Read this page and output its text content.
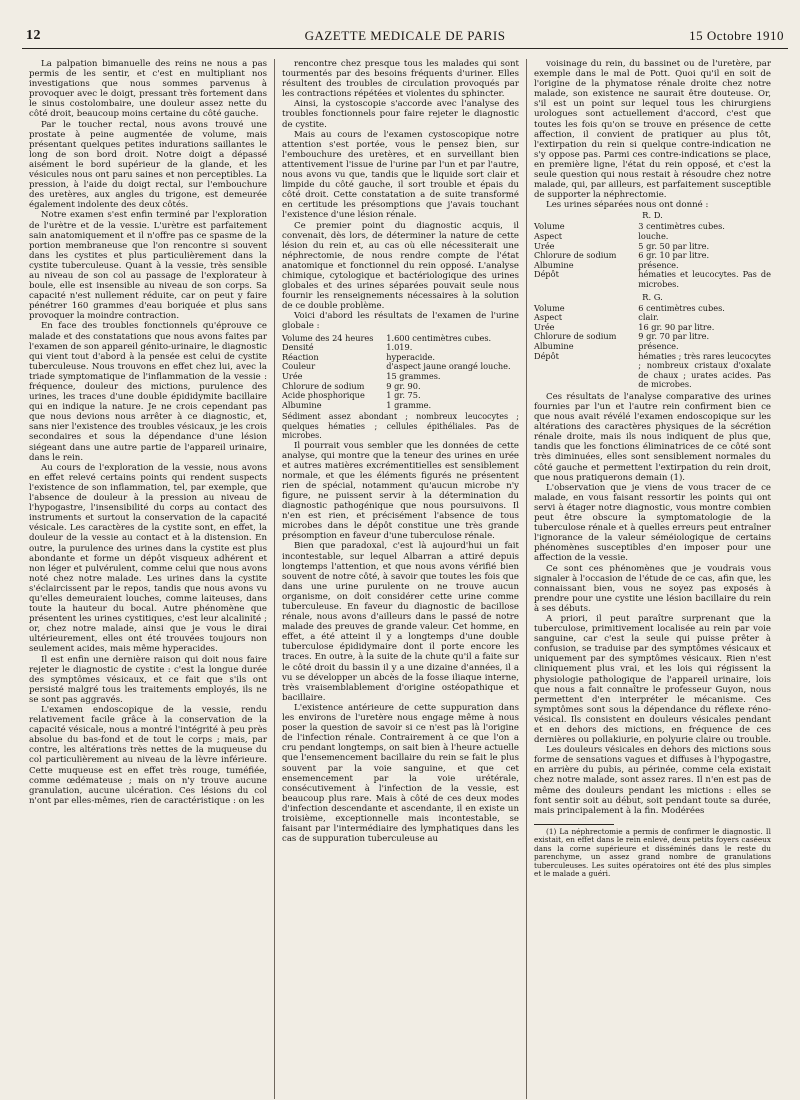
12	GAZETTE MEDICALE DE PARIS	15 Octobre 1910

La palpation bimanuelle des reins ne nous a pas permis de les sentir, et c'est en multipliant nos investigations que nous sommes parvenus à provoquer avec le doigt, pressant très fortement dans le sinus costolombaire, une douleur assez nette du côté droit, beaucoup moins certaine du côté gauche.

Par le toucher rectal, nous avons trouvé une prostate à peine augmentée de volume, mais présentant quelques petites indurations saillantes le long de son bord droit. Notre doigt a dépassé aisément le bord supérieur de la glande, et les vésicules nous ont paru saines et non perceptibles. La pression, à l'aide du doigt rectal, sur l'embouchure des uretères, aux angles du trigone, est demeurée également indolente des deux côtés.

Notre examen s'est enfin terminé par l'exploration de l'urètre et de la vessie. L'urètre est parfaitement sain anatomiquement et il n'offre pas ce spasme de la portion membraneuse que l'on rencontre si souvent dans les cystites et plus particulièrement dans la cystite tuberculeuse. Quant à la vessie, très sensible au niveau de son col au passage de l'explorateur à boule, elle est insensible au niveau de son corps. Sa capacité n'est nullement réduite, car on peut y faire pénétrer 160 grammes d'eau boriquée et plus sans provoquer la moindre contraction.

En face des troubles fonctionnels qu'éprouve ce malade et des constatations que nous avons faites par l'examen de son appareil génito-urinaire, le diagnostic qui vient tout d'abord à la pensée est celui de cystite tuberculeuse. Nous trouvons en effet chez lui, avec la triade symptomatique de l'inflammation de la vessie : fréquence, douleur des mictions, purulence des urines, les traces d'une double épididymite bacillaire qui en indique la nature. Je ne crois cependant pas que nous devions nous arrêter à ce diagnostic, et, sans nier l'existence des troubles vésicaux, je les crois secondaires et sous la dépendance d'une lésion siégeant dans une autre partie de l'appareil urinaire, dans le rein.

Au cours de l'exploration de la vessie, nous avons en effet relevé certains points qui rendent suspects l'existence de son inflammation, tel, par exemple, que l'absence de douleur à la pression au niveau de l'hypogastre, l'insensibilité du corps au contact des instruments et surtout la conservation de la capacité vésicale. Les caractères de la cystite sont, en effet, la douleur de la vessie au contact et à la distension. En outre, la purulence des urines dans la cystite est plus abondante et forme un dépôt visqueux adhérent et non léger et pulvérulent, comme celui que nous avons noté chez notre malade. Les urines dans la cystite s'éclaircissent par le repos, tandis que nous avons vu qu'elles demeuraient louches, comme laiteuses, dans toute la hauteur du bocal. Autre phénomène que présentent les urines cystitiques, c'est leur alcalinité ; or, chez notre malade, ainsi que je vous le dirai ultérieurement, elles ont été trouvées toujours non seulement acides, mais même hyperacides.

Il est enfin une dernière raison qui doit nous faire rejeter le diagnostic de cystite : c'est la longue durée des symptômes vésicaux, et ce fait que s'ils ont persisté malgré tous les traitements employés, ils ne se sont pas aggravés.

L'examen endoscopique de la vessie, rendu relativement facile grâce à la conservation de la capacité vésicale, nous a montré l'intégrité à peu près absolue du bas-fond et de tout le corps ; mais, par contre, les altérations très nettes de la muqueuse du col particulièrement au niveau de la lèvre inférieure. Cette muqueuse est en effet très rouge, tuméfiée, comme œdémateuse ; mais on n'y trouve aucune granulation, aucune ulcération. Ces lésions du col n'ont par elles-mêmes, rien de caractéristique : on les

rencontre chez presque tous les malades qui sont tourmentés par des besoins fréquents d'uriner. Elles résultent des troubles de circulation provoqués par les contractions répétées et violentes du sphincter.

Ainsi, la cystoscopie s'accorde avec l'analyse des troubles fonctionnels pour faire rejeter le diagnostic de cystite.

Mais au cours de l'examen cystoscopique notre attention s'est portée, vous le pensez bien, sur l'embouchure des uretères, et en surveillant bien attentivement l'issue de l'urine par l'un et par l'autre, nous avons vu que, tandis que le liquide sort clair et limpide du côté gauche, il sort trouble et épais du côté droit. Cette constatation a de suite transformé en certitude les présomptions que j'avais touchant l'existence d'une lésion rénale.

Ce premier point du diagnostic acquis, il convenait, dès lors, de déterminer la nature de cette lésion du rein et, au cas où elle nécessiterait une néphrectomie, de nous rendre compte de l'état anatomique et fonctionnel du rein opposé. L'analyse chimique, cytologique et bactériologique des urines globales et des urines séparées pouvait seule nous fournir les renseignements nécessaires à la solution de ce double problème.

Voici d'abord les résultats de l'examen de l'urine globale :

Volume des 24 heures	1.600 centimètres cubes.
Densité	1.019.
Réaction	hyperacide.
Couleur	d'aspect jaune orangé louche.
Urée	15 grammes.
Chlorure de sodium	9 gr. 90.
Acide phosphorique	1 gr. 75.
Albumine	1 gramme.

Sédiment assez abondant ; nombreux leucocytes ; quelques hématies ; cellules épithéliales. Pas de microbes.

Il pourrait vous sembler que les données de cette analyse, qui montre que la teneur des urines en urée et autres matières excrémentitielles est sensiblement normale, et que les éléments figurés ne présentent rien de spécial, notamment qu'aucun microbe n'y figure, ne puissent servir à la détermination du diagnostic pathogénique que nous poursuivons. Il n'en est rien, et précisément l'absence de tous microbes dans le dépôt constitue une très grande présomption en faveur d'une tuberculose rénale.

Bien que paradoxal, c'est là aujourd'hui un fait incontestable, sur lequel Albarran a attiré depuis longtemps l'attention, et que nous avons vérifié bien souvent de notre côté, à savoir que toutes les fois que dans une urine purulente on ne trouve aucun organisme, on doit considérer cette urine comme tuberculeuse. En faveur du diagnostic de bacillose rénale, nous avons d'ailleurs dans le passé de notre malade des preuves de grande valeur. Cet homme, en effet, a été atteint il y a longtemps d'une double tuberculose épididymaire dont il porte encore les traces. En outre, à la suite de la chute qu'il a faite sur le côté droit du bassin il y a une dizaine d'années, il a vu se développer un abcès de la fosse iliaque interne, très vraisemblablement d'origine ostéopathique et bacillaire.

L'existence antérieure de cette suppuration dans les environs de l'uretère nous engage même à nous poser la question de savoir si ce n'est pas là l'origine de l'infection rénale. Contrairement à ce que l'on a cru pendant longtemps, on sait bien à l'heure actuelle que l'ensemencement bacillaire du rein se fait le plus souvent par la voie sanguine, et que cet ensemencement par la voie urétérale, consécutivement à l'infection de la vessie, est beaucoup plus rare. Mais à côté de ces deux modes d'infection descendante et ascendante, il en existe un troisième, exceptionnelle mais incontestable, se faisant par l'intermédiaire des lymphatiques dans les cas de suppuration tuberculeuse au

voisinage du rein, du bassinet ou de l'uretère, par exemple dans le mal de Pott. Quoi qu'il en soit de l'origine de la phymatose rénale droite chez notre malade, son existence ne saurait être douteuse. Or, s'il est un point sur lequel tous les chirurgiens urologues sont actuellement d'accord, c'est que toutes les fois qu'on se trouve en présence de cette affection, il convient de pratiquer au plus tôt, l'extirpation du rein si quelque contre-indication ne s'y oppose pas. Parmi ces contre-indications se place, en première ligne, l'état du rein opposé, et c'est la seule question qui nous restait à résoudre chez notre malade, qui, par ailleurs, est parfaitement susceptible de supporter la néphrectomie.

Les urines séparées nous ont donné :

R. D.
Volume	3 centimètres cubes.
Aspect	louche.
Urée	5 gr. 50 par litre.
Chlorure de sodium	6 gr. 10 par litre.
Albumine	présence.
Dépôt	hématies et leucocytes. Pas de microbes.
R. G.
Volume	6 centimètres cubes.
Aspect	clair.
Urée	16 gr. 90 par litre.
Chlorure de sodium	9 gr. 70 par litre.
Albumine	présence.
Dépôt	hématies ; très rares leucocytes ; nombreux cristaux d'oxalate de chaux ; urates acides. Pas de microbes.

Ces résultats de l'analyse comparative des urines fournies par l'un et l'autre rein confirment bien ce que nous avait révélé l'examen endoscopique sur les altérations des caractères physiques de la sécrétion rénale droite, mais ils nous indiquent de plus que, tandis que les fonctions éliminatrices de ce côté sont très diminuées, elles sont sensiblement normales du côté gauche et permettent l'extirpation du rein droit, que nous pratiquerons demain (1).

L'observation que je viens de vous tracer de ce malade, en vous faisant ressortir les points qui ont servi à étager notre diagnostic, vous montre combien peut être obscure la symptomatologie de la tuberculose rénale et à quelles erreurs peut entraîner l'ignorance de la valeur séméiologique de certains phénomènes susceptibles d'en imposer pour une affection de la vessie.

Ce sont ces phénomènes que je voudrais vous signaler à l'occasion de l'étude de ce cas, afin que, les connaissant bien, vous ne soyez pas exposés à prendre pour une cystite une lésion bacillaire du rein à ses débuts.

A priori, il peut paraître surprenant que la tuberculose, primitivement localisée au rein par voie sanguine, car c'est la seule qui puisse prêter à confusion, se traduise par des symptômes vésicaux et uniquement par des symptômes vésicaux. Rien n'est cliniquement plus vrai, et les lois qui régissent la physiologie pathologique de l'appareil urinaire, lois que nous a fait connaître le professeur Guyon, nous permettent d'en interpréter le mécanisme. Ces symptômes sont sous la dépendance du réflexe réno-vésical. Ils consistent en douleurs vésicales pendant et en dehors des mictions, en fréquence de ces dernières ou pollakiurie, en polyurie claire ou trouble.

Les douleurs vésicales en dehors des mictions sous forme de sensations vagues et diffuses à l'hypogastre, en arrière du pubis, au périnée, comme cela existait chez notre malade, sont assez rares. Il n'en est pas de même des douleurs pendant les mictions : elles se font sentir soit au début, soit pendant toute sa durée, mais principalement à la fin. Modérées

(1) La néphrectomie a permis de confirmer le diagnostic. Il existait, en effet dans le rein enlevé, deux petits foyers caséeux dans la corne supérieure et disséminés dans le reste du parenchyme, un assez grand nombre de granulations tuberculeuses. Les suites opératoires ont été des plus simples et le malade a guéri.
